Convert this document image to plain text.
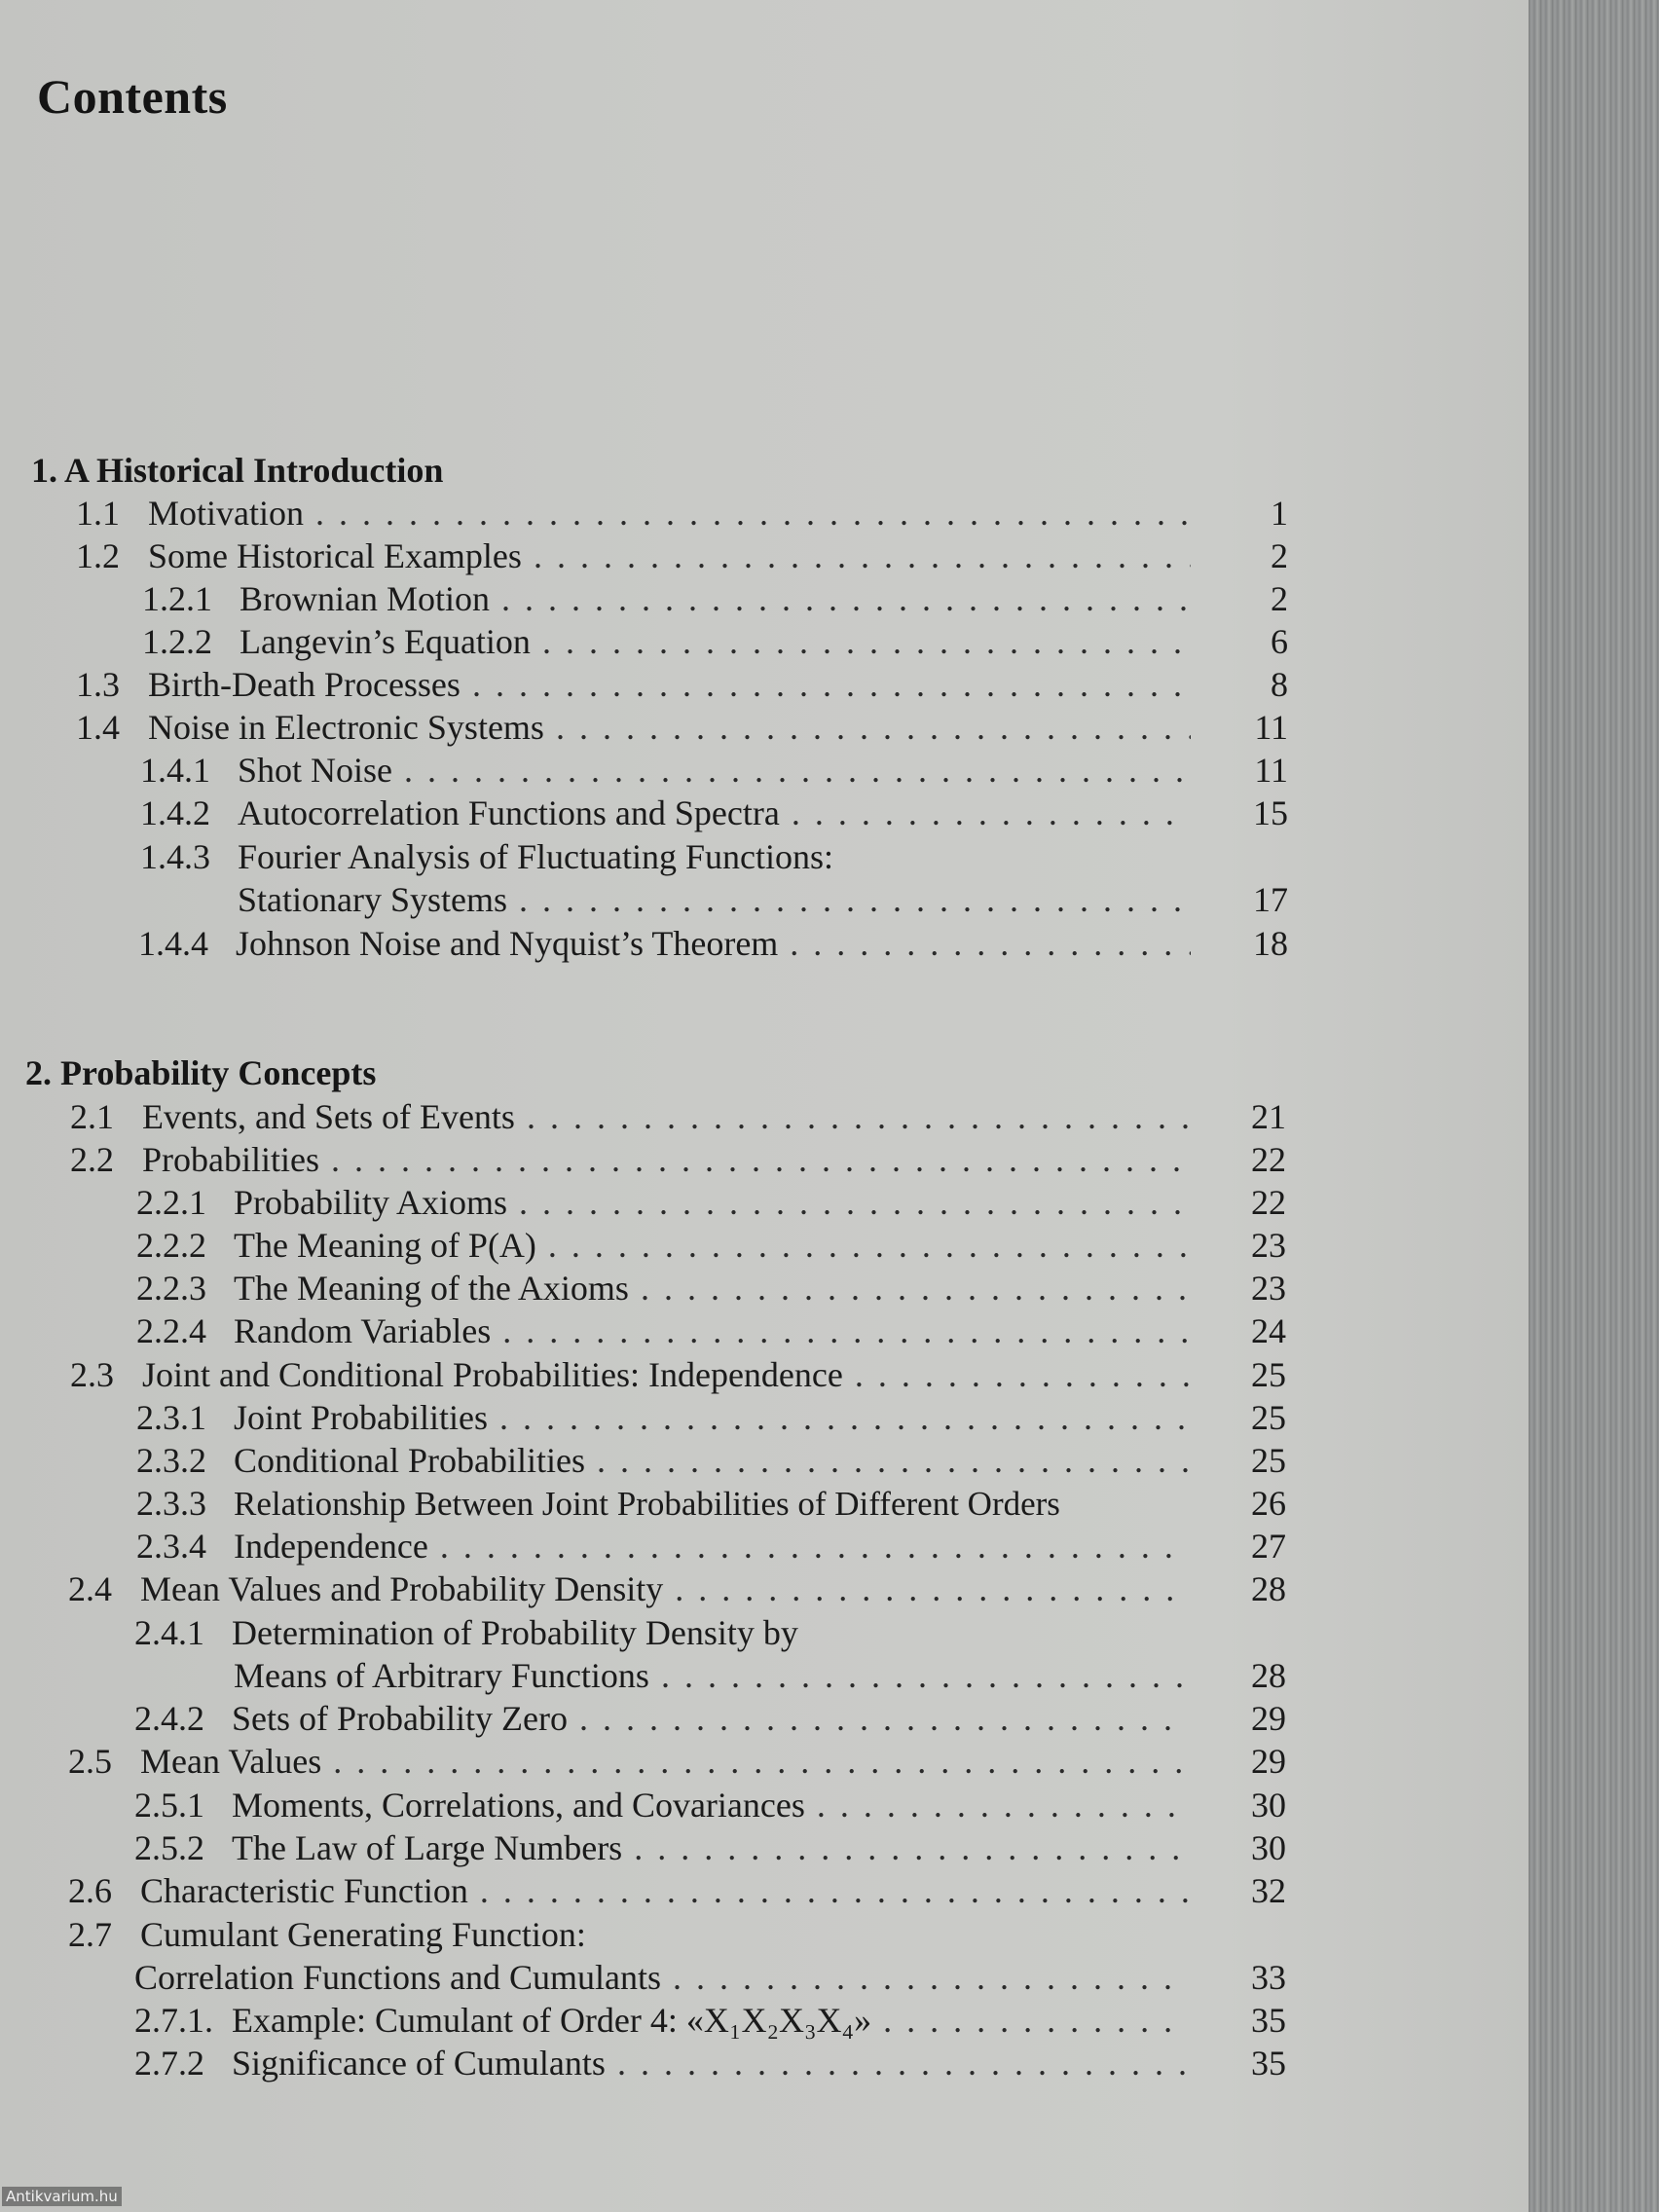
Contents
1. A Historical Introduction
1.1 Motivation . . .	1
1.2 Some Historical Examples . . .	2
1.2.1 Brownian Motion . . .	2
1.2.2 Langevin’s Equation . . .	6
1.3 Birth-Death Processes . . .	8
1.4 Noise in Electronic Systems . . .	11
1.4.1 Shot Noise . . .	11
1.4.2 Autocorrelation Functions and Spectra . . .	15
1.4.3 Fourier Analysis of Fluctuating Functions:
Stationary Systems . . .	17
1.4.4 Johnson Noise and Nyquist’s Theorem . . .	18
2. Probability Concepts
2.1 Events, and Sets of Events . . .	21
2.2 Probabilities . . .	22
2.2.1 Probability Axioms . . .	22
2.2.2 The Meaning of P(A) . . .	23
2.2.3 The Meaning of the Axioms . . .	23
2.2.4 Random Variables . . .	24
2.3 Joint and Conditional Probabilities: Independence . . .	25
2.3.1 Joint Probabilities . . .	25
2.3.2 Conditional Probabilities . . .	25
2.3.3 Relationship Between Joint Probabilities of Different Orders	26
2.3.4 Independence . . .	27
2.4 Mean Values and Probability Density . . .	28
2.4.1 Determination of Probability Density by
Means of Arbitrary Functions . . .	28
2.4.2 Sets of Probability Zero . . .	29
2.5 Mean Values . . .	29
2.5.1 Moments, Correlations, and Covariances . . .	30
2.5.2 The Law of Large Numbers . . .	30
2.6 Characteristic Function . . .	32
2.7 Cumulant Generating Function:
Correlation Functions and Cumulants . . .	33
2.7.1. Example: Cumulant of Order 4: «X₁X₂X₃X₄» . . .	35
2.7.2 Significance of Cumulants . . .	35
Antikvarium.hu
